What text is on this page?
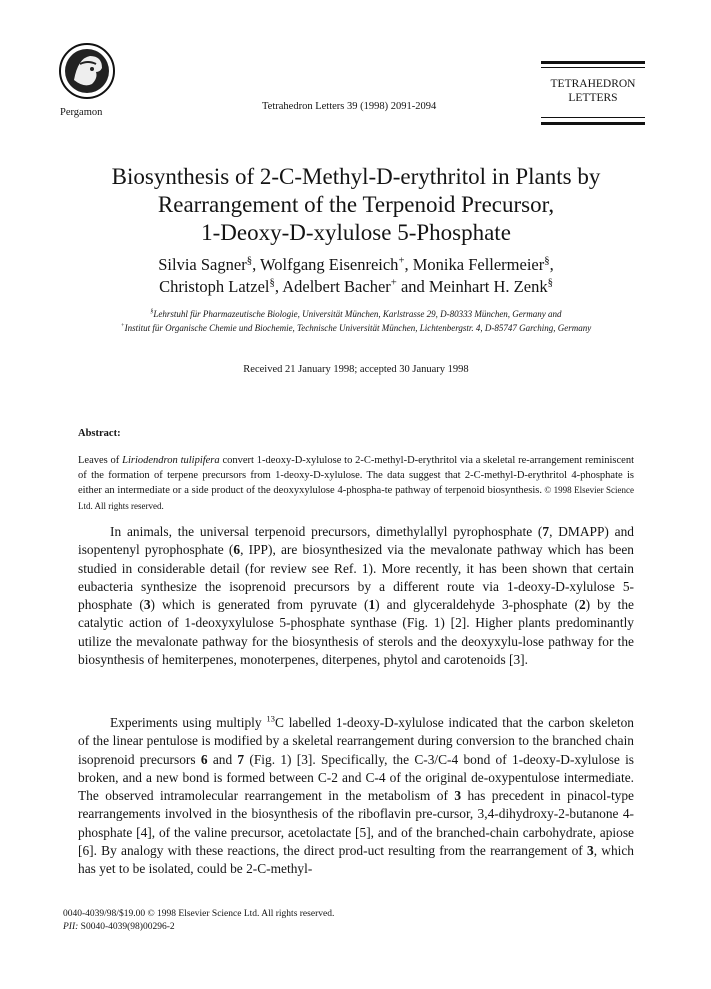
Pergamon
Tetrahedron Letters 39 (1998) 2091-2094
TETRAHEDRON
LETTERS
Biosynthesis of 2-C-Methyl-D-erythritol in Plants by
Rearrangement of the Terpenoid Precursor,
1-Deoxy-D-xylulose 5-Phosphate
Silvia Sagner§, Wolfgang Eisenreich+, Monika Fellermeier§,
Christoph Latzel§, Adelbert Bacher+ and Meinhart H. Zenk§
§Lehrstuhl für Pharmazeutische Biologie, Universität München, Karlstrasse 29, D-80333 München, Germany and
+Institut für Organische Chemie und Biochemie, Technische Universität München, Lichtenbergstr. 4, D-85747 Garching, Germany
Received 21 January 1998; accepted 30 January 1998
Abstract:
Leaves of Liriodendron tulipifera convert 1-deoxy-D-xylulose to 2-C-methyl-D-erythritol via a skeletal re-arrangement reminiscent of the formation of terpene precursors from 1-deoxy-D-xylulose. The data suggest that 2-C-methyl-D-erythritol 4-phosphate is either an intermediate or a side product of the deoxyxylulose 4-phospha-te pathway of terpenoid biosynthesis. © 1998 Elsevier Science Ltd. All rights reserved.
In animals, the universal terpenoid precursors, dimethylallyl pyrophosphate (7, DMAPP) and isopentenyl pyrophosphate (6, IPP), are biosynthesized via the mevalonate pathway which has been studied in considerable detail (for review see Ref. 1). More recently, it has been shown that certain eubacteria synthesize the isoprenoid precursors by a different route via 1-deoxy-D-xylulose 5-phosphate (3) which is generated from pyruvate (1) and glyceraldehyde 3-phosphate (2) by the catalytic action of 1-deoxyxylulose 5-phosphate synthase (Fig. 1) [2]. Higher plants predominantly utilize the mevalonate pathway for the biosynthesis of sterols and the deoxyxylu-lose pathway for the biosynthesis of hemiterpenes, monoterpenes, diterpenes, phytol and carotenoids [3].
Experiments using multiply $^{13}$C labelled 1-deoxy-D-xylulose indicated that the carbon skeleton of the linear pentulose is modified by a skeletal rearrangement during conversion to the branched chain isoprenoid precursors 6 and 7 (Fig. 1) [3]. Specifically, the C-3/C-4 bond of 1-deoxy-D-xylulose is broken, and a new bond is formed between C-2 and C-4 of the original de-oxypentulose intermediate. The observed intramolecular rearrangement in the metabolism of 3 has precedent in pinacol-type rearrangements involved in the biosynthesis of the riboflavin pre-cursor, 3,4-dihydroxy-2-butanone 4-phosphate [4], of the valine precursor, acetolactate [5], and of the branched-chain carbohydrate, apiose [6]. By analogy with these reactions, the direct prod-uct resulting from the rearrangement of 3, which has yet to be isolated, could be 2-C-methyl-
0040-4039/98/$19.00 © 1998 Elsevier Science Ltd. All rights reserved.
PII: S0040-4039(98)00296-2
